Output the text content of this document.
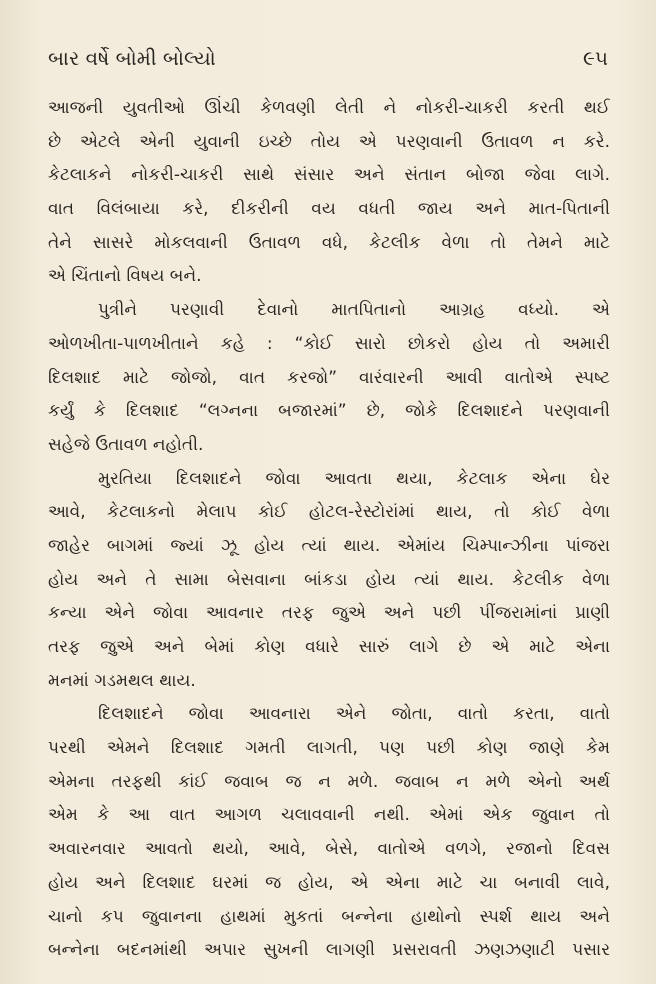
બાર વર્ષે બોમી બોલ્યો	૯૫

આજની યુવતીઓ ઊંચી કેળવણી લેતી ને નોકરી-ચાકરી કરતી થઈ
છે એટલે એની યુવાની ઇચ્છે તોય એ પરણવાની ઉતાવળ ન કરે.
કેટલાકને નોકરી-ચાકરી સાથે સંસાર અને સંતાન બોજા જેવા લાગે.
વાત વિલંબાયા કરે, દીકરીની વય વધતી જાય અને માત-પિતાની
તેને સાસરે મોકલવાની ઉતાવળ વધે, કેટલીક વેળા તો તેમને માટે
એ ચિંતાનો વિષય બને.

પુત્રીને પરણાવી દેવાનો માતપિતાનો આગ્રહ વધ્યો. એ
ઓળખીતા-પાળખીતાને કહે : “કોઈ સારો છોકરો હોય તો અમારી
દિલશાદ માટે જોજો, વાત કરજો” વારંવારની આવી વાતોએ સ્પષ્ટ
કર્યું કે દિલશાદ “લગ્નના બજારમાં” છે, જોકે દિલશાદને પરણવાની
સહેજે ઉતાવળ નહોતી.

મુરતિયા દિલશાદને જોવા આવતા થયા, કેટલાક એના ઘેર
આવે, કેટલાકનો મેલાપ કોઈ હોટલ-રેસ્ટોરાંમાં થાય, તો કોઈ વેળા
જાહેર બાગમાં જ્યાં ઝૂ હોય ત્યાં થાય. એમાંય ચિમ્પાન્ઝીના પાંજરા
હોય અને તે સામા બેસવાના બાંકડા હોય ત્યાં થાય. કેટલીક વેળા
કન્યા એને જોવા આવનાર તરફ જુએ અને પછી પીંજરામાંનાં પ્રાણી
તરફ જુએ અને બેમાં કોણ વધારે સારું લાગે છે એ માટે એના
મનમાં ગડમથલ થાય.

દિલશાદને જોવા આવનારા એને જોતા, વાતો કરતા, વાતો
પરથી એમને દિલશાદ ગમતી લાગતી, પણ પછી કોણ જાણે કેમ
એમના તરફથી કાંઈ જવાબ જ ન મળે. જવાબ ન મળે એનો અર્થ
એમ કે આ વાત આગળ ચલાવવાની નથી. એમાં એક જુવાન તો
અવારનવાર આવતો થયો, આવે, બેસે, વાતોએ વળગે, રજાનો દિવસ
હોય અને દિલશાદ ઘરમાં જ હોય, એ એના માટે ચા બનાવી લાવે,
ચાનો કપ જુવાનના હાથમાં મુકતાં બન્નેના હાથોનો સ્પર્શ થાય અને
બન્નેના બદનમાંથી અપાર સુખની લાગણી પ્રસરાવતી ઝણઝણાટી પસાર
